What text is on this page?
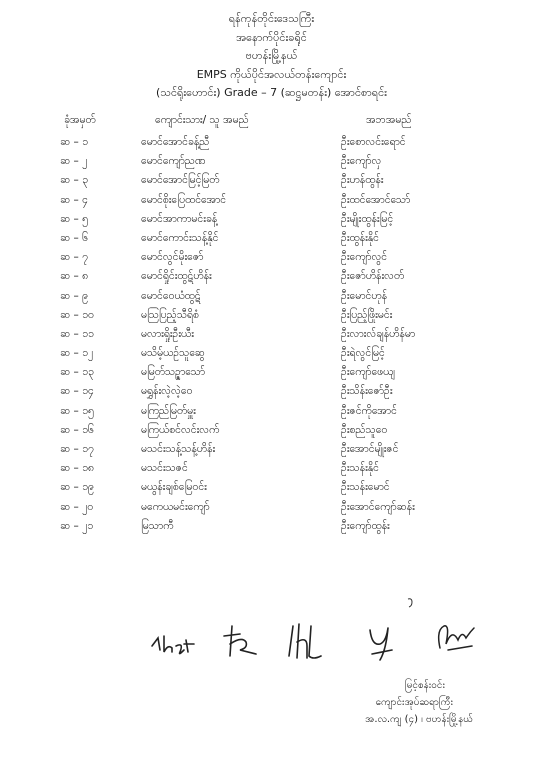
ရန်ကုန်တိုင်းဒေသကြီး
အနောက်ပိုင်းခရိုင်
ဗဟန်းမြို့နယ်
EMPS ကိုယ်ပိုင်အလယ်တန်းကျောင်း
(သင်ရိုးဟောင်း) Grade – 7 (ဆဋ္ဌမတန်း) အောင်စာရင်း
ခုံအမှတ်	ကျောင်းသား/ သူ အမည်	အဘအမည်
ဆ – ၁	မောင်အောင်ခန့်ညီ	ဦးစောလင်းရောင်
ဆ – ၂	မောင်ကျော်ညဏ	ဦးကျော်လှ
ဆ – ၃	မောင်အောင်မြင့်မြတ်	ဦးဟန်ထွန်း
ဆ – ၄	မောင်စိုးပြေထင်အောင်	ဦးထင်အောင်သော်
ဆ – ၅	မောင်အာကာမင်းခန့်	ဦးမျိုးထွန်းမြင့်
ဆ – ၆	မောင်ကောင်းသန့်နိုင်	ဦးထွန်းနိုင်
ဆ – ၇	မောင်လွင်မိုးဇော်	ဦးကျော်လွင်
ဆ – ၈	မောင်ရှိုင်းထွဋ်ဟိန်း	ဦးဇော်ဟိန်းလတ်
ဆ – ၉	မောင်ဝေယံထွဋ်	ဦးမောင်ဟုန်
ဆ – ၁၀	မသြပြည့်သီရိစံ	ဦးပြည့်ဖြိုးမင်း
ဆ – ၁၁	မလားရှိုးဦးယီး	ဦးလားလ်ချန်ဟိန်မာ
ဆ – ၁၂	မသိမ့်ယဉ်သူဆွေ	ဦးရဲလွင်မြင့်
ဆ – ၁၃	မမြတ်သဥ္ဇာသော်	ဦးကျော်ဖေယျ
ဆ – ၁၄	မရွှန်းလဲ့လဲ့ဝေ	ဦးသိန်းဇော်ဦး
ဆ – ၁၅	မကြည်မြတ်မှူး	ဦးဇင်ကိုအောင်
ဆ – ၁၆	မကြယ်စင်လင်းလက်	ဦးစည်သူဝေ
ဆ – ၁၇	မသင်းသန့်သန့်ဟိန်း	ဦးအောင်မျိုးဇင်
ဆ – ၁၈	မသင်းသဇင်	ဦးသန်းနိုင်
ဆ – ၁၉	မယွန်းချစ်မြေဝင်း	ဦးသန်းမောင်
ဆ – ၂၀	မကေယမင်းကျော်	ဦးအောင်ကျော်ဆန်း
ဆ – ၂၁	မြသာကီ	ဦးကျော်ထွန်း
မြင့်စန်းဝင်း
ကျောင်းအုပ်ဆရာကြီး
အ.လ.ကျ (၄) ၊ ဗဟန်းမြို့နယ်
